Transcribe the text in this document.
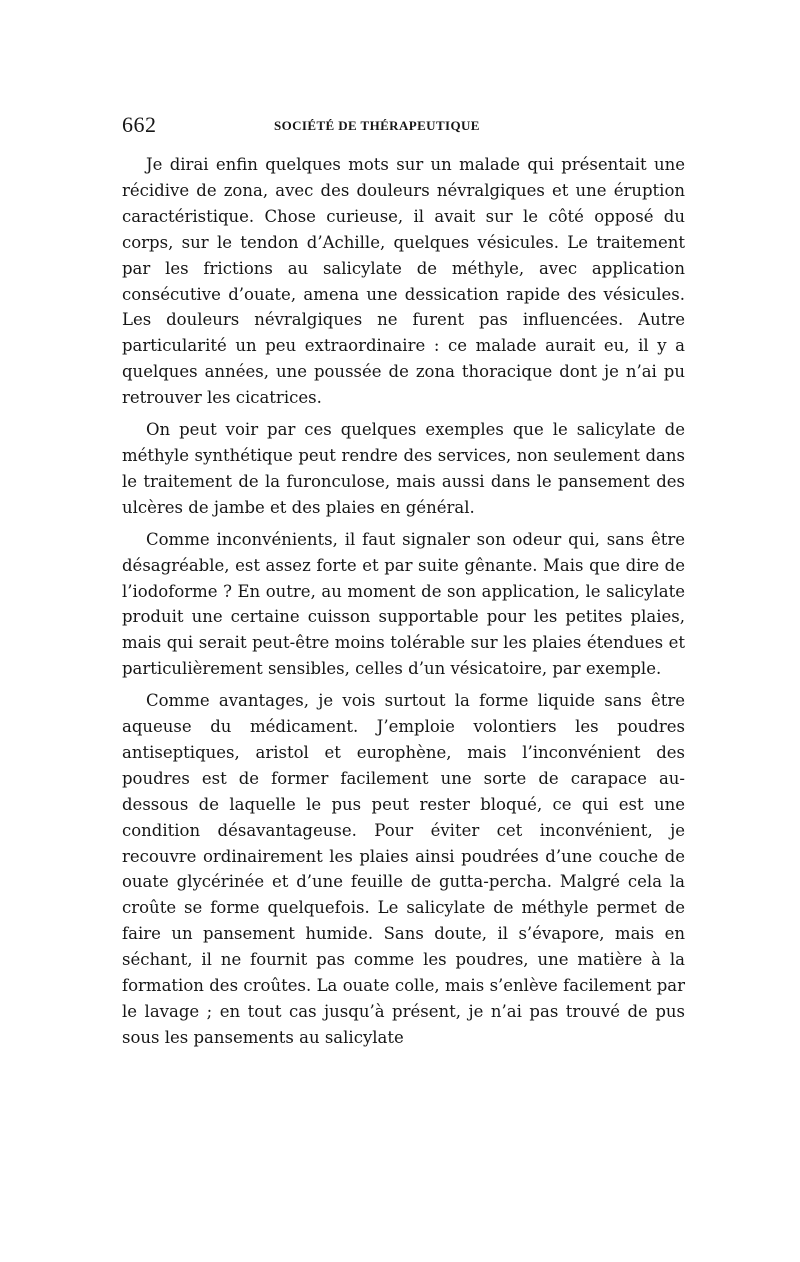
662	SOCIÉTÉ DE THÉRAPEUTIQUE

Je dirai enfin quelques mots sur un malade qui présentait une récidive de zona, avec des douleurs névralgiques et une éruption caractéristique. Chose curieuse, il avait sur le côté opposé du corps, sur le tendon d’Achille, quelques vésicules. Le traitement par les frictions au salicylate de méthyle, avec application consécutive d’ouate, amena une dessication rapide des vésicules. Les douleurs névralgiques ne furent pas influencées. Autre particularité un peu extraordinaire : ce malade aurait eu, il y a quelques années, une poussée de zona thoracique dont je n’ai pu retrouver les cicatrices.

On peut voir par ces quelques exemples que le salicylate de méthyle synthétique peut rendre des services, non seulement dans le traitement de la furonculose, mais aussi dans le pansement des ulcères de jambe et des plaies en général.

Comme inconvénients, il faut signaler son odeur qui, sans être désagréable, est assez forte et par suite gênante. Mais que dire de l’iodoforme ? En outre, au moment de son application, le salicylate produit une certaine cuisson supportable pour les petites plaies, mais qui serait peut-être moins tolérable sur les plaies étendues et particulièrement sensibles, celles d’un vésicatoire, par exemple.

Comme avantages, je vois surtout la forme liquide sans être aqueuse du médicament. J’emploie volontiers les poudres antiseptiques, aristol et europhène, mais l’inconvénient des poudres est de former facilement une sorte de carapace au-dessous de laquelle le pus peut rester bloqué, ce qui est une condition désavantageuse. Pour éviter cet inconvénient, je recouvre ordinairement les plaies ainsi poudrées d’une couche de ouate glycérinée et d’une feuille de gutta-percha. Malgré cela la croûte se forme quelquefois. Le salicylate de méthyle permet de faire un pansement humide. Sans doute, il s’évapore, mais en séchant, il ne fournit pas comme les poudres, une matière à la formation des croûtes. La ouate colle, mais s’enlève facilement par le lavage ; en tout cas jusqu’à présent, je n’ai pas trouvé de pus sous les pansements au salicylate
